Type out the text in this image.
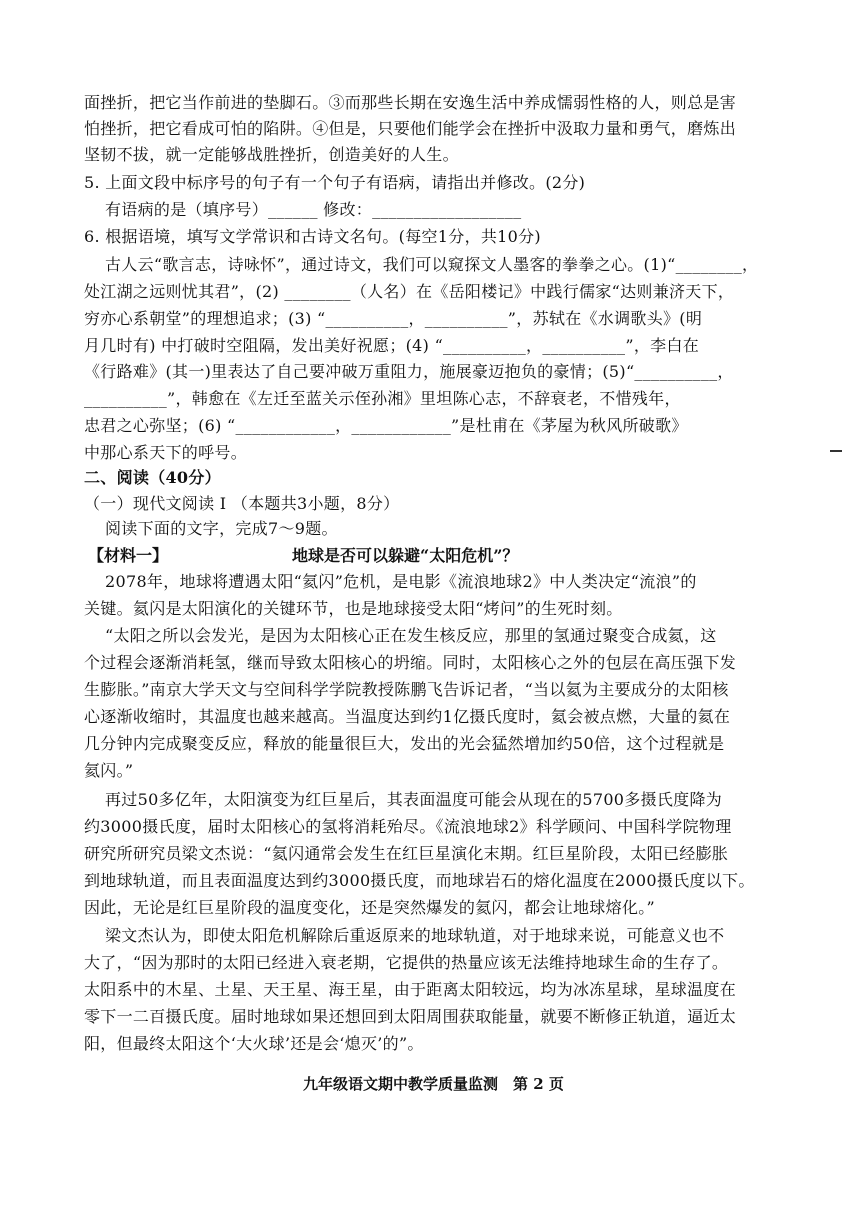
面挫折，把它当作前进的垫脚石。③而那些长期在安逸生活中养成懦弱性格的人，则总是害
怕挫折，把它看成可怕的陷阱。④但是，只要他们能学会在挫折中汲取力量和勇气，磨炼出
坚韧不拔，就一定能够战胜挫折，创造美好的人生。
5. 上面文段中标序号的句子有一个句子有语病，请指出并修改。(2分)
有语病的是（填序号）______ 修改：__________________
6. 根据语境，填写文学常识和古诗文名句。(每空1分，共10分)
古人云“歌言志，诗咏怀”，通过诗文，我们可以窥探文人墨客的拳拳之心。(1)“________，
处江湖之远则忧其君”，(2) ________（人名）在《岳阳楼记》中践行儒家“达则兼济天下，
穷亦心系朝堂”的理想追求；(3) “__________，__________”，苏轼在《水调歌头》(明
月几时有) 中打破时空阻隔，发出美好祝愿；(4) “__________，__________”，李白在
《行路难》(其一)里表达了自己要冲破万重阻力，施展豪迈抱负的豪情；(5)“__________，
__________”，韩愈在《左迁至蓝关示侄孙湘》里坦陈心志，不辞衰老，不惜残年，
忠君之心弥坚；(6) “____________，____________”是杜甫在《茅屋为秋风所破歌》
中那心系天下的呼号。
二、阅读（40分）
（一）现代文阅读 I （本题共3小题，8分）
阅读下面的文字，完成7～9题。
【材料一】	地球是否可以躲避“太阳危机”？
2078年，地球将遭遇太阳“氦闪”危机，是电影《流浪地球2》中人类决定“流浪”的
关键。氦闪是太阳演化的关键环节，也是地球接受太阳“烤问”的生死时刻。
“太阳之所以会发光，是因为太阳核心正在发生核反应，那里的氢通过聚变合成氦，这
个过程会逐渐消耗氢，继而导致太阳核心的坍缩。同时，太阳核心之外的包层在高压强下发
生膨胀。”南京大学天文与空间科学学院教授陈鹏飞告诉记者，“当以氦为主要成分的太阳核
心逐渐收缩时，其温度也越来越高。当温度达到约1亿摄氏度时，氦会被点燃，大量的氦在
几分钟内完成聚变反应，释放的能量很巨大，发出的光会猛然增加约50倍，这个过程就是
氦闪。”
再过50多亿年，太阳演变为红巨星后，其表面温度可能会从现在的5700多摄氏度降为
约3000摄氏度，届时太阳核心的氢将消耗殆尽。《流浪地球2》科学顾问、中国科学院物理
研究所研究员梁文杰说：“氦闪通常会发生在红巨星演化末期。红巨星阶段，太阳已经膨胀
到地球轨道，而且表面温度达到约3000摄氏度，而地球岩石的熔化温度在2000摄氏度以下。
因此，无论是红巨星阶段的温度变化，还是突然爆发的氦闪，都会让地球熔化。”
梁文杰认为，即使太阳危机解除后重返原来的地球轨道，对于地球来说，可能意义也不
大了，“因为那时的太阳已经进入衰老期，它提供的热量应该无法维持地球生命的生存了。
太阳系中的木星、土星、天王星、海王星，由于距离太阳较远，均为冰冻星球，星球温度在
零下一二百摄氏度。届时地球如果还想回到太阳周围获取能量，就要不断修正轨道，逼近太
阳，但最终太阳这个‘大火球’还是会‘熄灭’的”。
九年级语文期中教学质量监测　第 2 页
